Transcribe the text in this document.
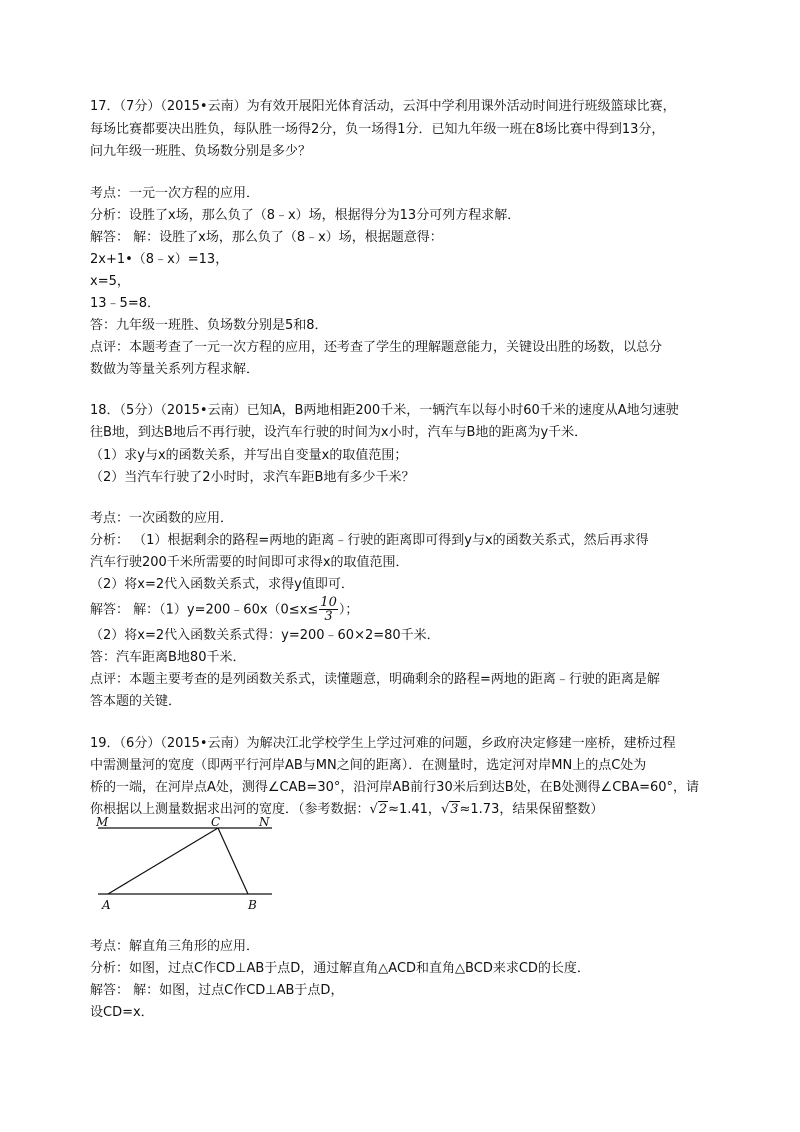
17．（7分）（2015•云南）为有效开展阳光体育活动，云洱中学利用课外活动时间进行班级篮球比赛，
每场比赛都要决出胜负，每队胜一场得2分，负一场得1分．已知九年级一班在8场比赛中得到13分，
问九年级一班胜、负场数分别是多少？
考点：一元一次方程的应用．
分析：设胜了x场，那么负了（8﹣x）场，根据得分为13分可列方程求解．
解答： 解：设胜了x场，那么负了（8﹣x）场，根据题意得：
2x+1•（8﹣x）=13，
x=5，
13﹣5=8．
答：九年级一班胜、负场数分别是5和8．
点评：本题考查了一元一次方程的应用，还考查了学生的理解题意能力，关键设出胜的场数，以总分
数做为等量关系列方程求解．
18．（5分）（2015•云南）已知A，B两地相距200千米，一辆汽车以每小时60千米的速度从A地匀速驶
往B地，到达B地后不再行驶，设汽车行驶的时间为x小时，汽车与B地的距离为y千米．
（1）求y与x的函数关系，并写出自变量x的取值范围；
（2）当汽车行驶了2小时时，求汽车距B地有多少千米？
考点：一次函数的应用．
分析： （1）根据剩余的路程=两地的距离﹣行驶的距离即可得到y与x的函数关系式，然后再求得
汽车行驶200千米所需要的时间即可求得x的取值范围．
（2）将x=2代入函数关系式，求得y值即可．
解答： 解：（1）y=200﹣60x（0≤x≤ $\frac{10}{3}$ ）；
（2）将x=2代入函数关系式得：y=200﹣60×2=80千米．
答：汽车距离B地80千米．
点评：本题主要考查的是列函数关系式，读懂题意，明确剩余的路程=两地的距离﹣行驶的距离是解
答本题的关键．
19．（6分）（2015•云南）为解决江北学校学生上学过河难的问题，乡政府决定修建一座桥，建桥过程
中需测量河的宽度（即两平行河岸AB与MN之间的距离）．在测量时，选定河对岸MN上的点C处为
桥的一端，在河岸点A处，测得∠CAB=30°，沿河岸AB前行30米后到达B处，在B处测得∠CBA=60°，请
你根据以上测量数据求出河的宽度．（参考数据：√2≈1.41，√3≈1.73，结果保留整数）
M	C	N
A	B
考点：解直角三角形的应用．
分析：如图，过点C作CD⊥AB于点D，通过解直角△ACD和直角△BCD来求CD的长度．
解答： 解：如图，过点C作CD⊥AB于点D，
设CD=x．
